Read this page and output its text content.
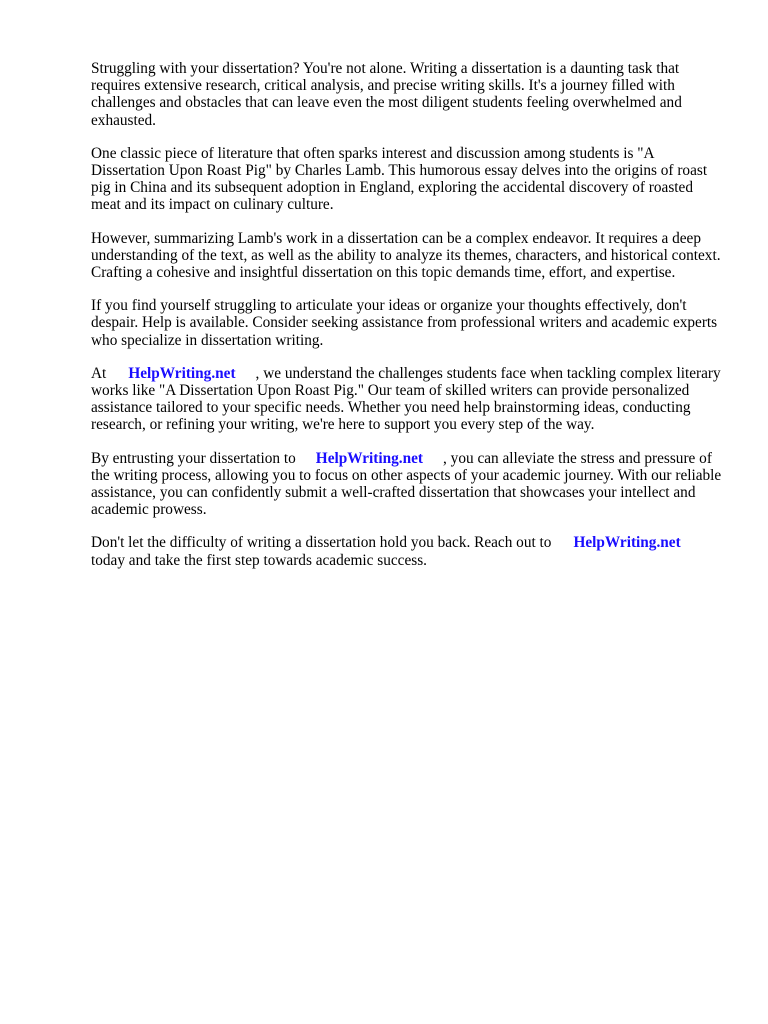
Struggling with your dissertation? You're not alone. Writing a dissertation is a daunting task that requires extensive research, critical analysis, and precise writing skills. It's a journey filled with challenges and obstacles that can leave even the most diligent students feeling overwhelmed and exhausted.

One classic piece of literature that often sparks interest and discussion among students is "A Dissertation Upon Roast Pig" by Charles Lamb. This humorous essay delves into the origins of roast pig in China and its subsequent adoption in England, exploring the accidental discovery of roasted meat and its impact on culinary culture.

However, summarizing Lamb's work in a dissertation can be a complex endeavor. It requires a deep understanding of the text, as well as the ability to analyze its themes, characters, and historical context. Crafting a cohesive and insightful dissertation on this topic demands time, effort, and expertise.

If you find yourself struggling to articulate your ideas or organize your thoughts effectively, don't despair. Help is available. Consider seeking assistance from professional writers and academic experts who specialize in dissertation writing.

At HelpWriting.net , we understand the challenges students face when tackling complex literary works like "A Dissertation Upon Roast Pig." Our team of skilled writers can provide personalized assistance tailored to your specific needs. Whether you need help brainstorming ideas, conducting research, or refining your writing, we're here to support you every step of the way.

By entrusting your dissertation to HelpWriting.net , you can alleviate the stress and pressure of the writing process, allowing you to focus on other aspects of your academic journey. With our reliable assistance, you can confidently submit a well-crafted dissertation that showcases your intellect and academic prowess.

Don't let the difficulty of writing a dissertation hold you back. Reach out to HelpWriting.net
today and take the first step towards academic success.
